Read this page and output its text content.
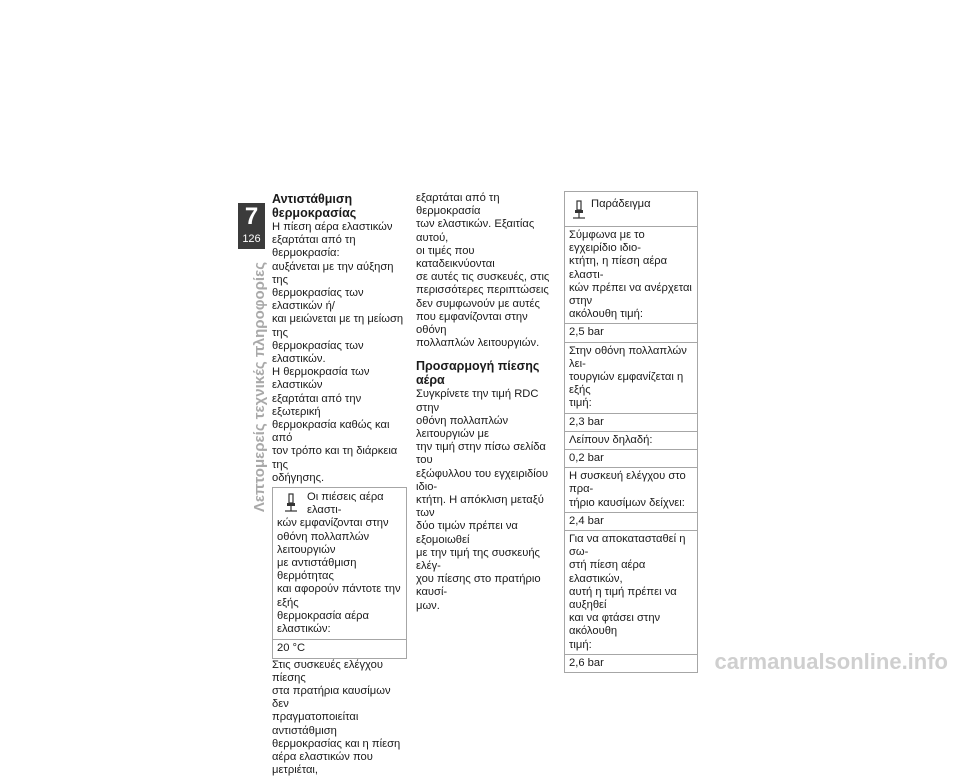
7
126
Λεπτομερείς τεχνικές πληροφορίες
Αντιστάθμιση
θερμοκρασίας

Η πίεση αέρα ελαστικών
εξαρτάται από τη θερμοκρασία:
αυξάνεται με την αύξηση της
θερμοκρασίας των ελαστικών ή/
και μειώνεται με τη μείωση της
θερμοκρασίας των ελαστικών.
Η θερμοκρασία των ελαστικών
εξαρτάται από την εξωτερική
θερμοκρασία καθώς και από
τον τρόπο και τη διάρκεια της
οδήγησης.

Οι πιέσεις αέρα ελαστι-
κών εμφανίζονται στην
οθόνη πολλαπλών λειτουργιών
με αντιστάθμιση θερμότητας
και αφορούν πάντοτε την εξής
θερμοκρασία αέρα ελαστικών:
20 °C

Στις συσκευές ελέγχου πίεσης
στα πρατήρια καυσίμων δεν
πραγματοποιείται αντιστάθμιση
θερμοκρασίας και η πίεση
αέρα ελαστικών που μετριέται,

εξαρτάται από τη θερμοκρασία
των ελαστικών. Εξαιτίας αυτού,
οι τιμές που καταδεικνύονται
σε αυτές τις συσκευές, στις
περισσότερες περιπτώσεις
δεν συμφωνούν με αυτές
που εμφανίζονται στην οθόνη
πολλαπλών λειτουργιών.

Προσαρμογή πίεσης αέρα

Συγκρίνετε την τιμή RDC στην
οθόνη πολλαπλών λειτουργιών με
την τιμή στην πίσω σελίδα του
εξώφυλλου του εγχειριδίου ιδιο-
κτήτη. Η απόκλιση μεταξύ των
δύο τιμών πρέπει να εξομοιωθεί
με την τιμή της συσκευής ελέγ-
χου πίεσης στο πρατήριο καυσί-
μων.

Παράδειγμα
Σύμφωνα με το εγχειρίδιο ιδιο-
κτήτη, η πίεση αέρα ελαστι-
κών πρέπει να ανέρχεται στην
ακόλουθη τιμή:
2,5 bar
Στην οθόνη πολλαπλών λει-
τουργιών εμφανίζεται η εξής
τιμή:
2,3 bar
Λείπουν δηλαδή:
0,2 bar
Η συσκευή ελέγχου στο πρα-
τήριο καυσίμων δείχνει:
2,4 bar
Για να αποκατασταθεί η σω-
στή πίεση αέρα ελαστικών,
αυτή η τιμή πρέπει να αυξηθεί
και να φτάσει στην ακόλουθη
τιμή:
2,6 bar	carmanualsonline.info
